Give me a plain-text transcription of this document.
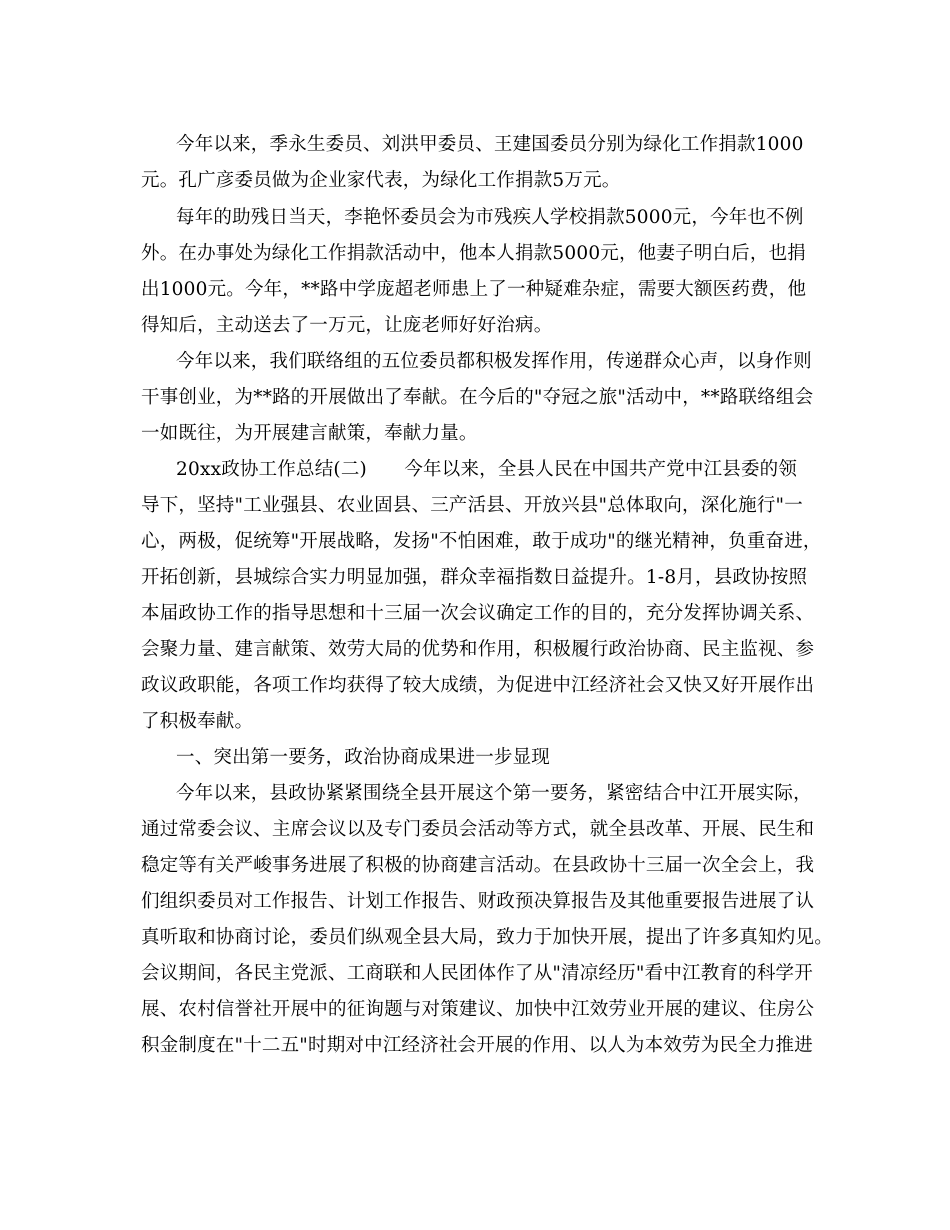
今年以来，季永生委员、刘洪甲委员、王建国委员分别为绿化工作捐款1000
元。孔广彦委员做为企业家代表，为绿化工作捐款5万元。
每年的助残日当天，李艳怀委员会为市残疾人学校捐款5000元，今年也不例
外。在办事处为绿化工作捐款活动中，他本人捐款5000元，他妻子明白后，也捐
出1000元。今年，**路中学庞超老师患上了一种疑难杂症，需要大额医药费，他
得知后，主动送去了一万元，让庞老师好好治病。
今年以来，我们联络组的五位委员都积极发挥作用，传递群众心声，以身作则
干事创业，为**路的开展做出了奉献。在今后的"夺冠之旅"活动中，**路联络组会
一如既往，为开展建言献策，奉献力量。
20xx政协工作总结(二)　　今年以来，全县人民在中国共产党中江县委的领
导下，坚持"工业强县、农业固县、三产活县、开放兴县"总体取向，深化施行"一
心，两极，促统筹"开展战略，发扬"不怕困难，敢于成功"的继光精神，负重奋进，
开拓创新，县城综合实力明显加强，群众幸福指数日益提升。1-8月，县政协按照
本届政协工作的指导思想和十三届一次会议确定工作的目的，充分发挥协调关系、
会聚力量、建言献策、效劳大局的优势和作用，积极履行政治协商、民主监视、参
政议政职能，各项工作均获得了较大成绩，为促进中江经济社会又快又好开展作出
了积极奉献。
一、突出第一要务，政治协商成果进一步显现
今年以来，县政协紧紧围绕全县开展这个第一要务，紧密结合中江开展实际，
通过常委会议、主席会议以及专门委员会活动等方式，就全县改革、开展、民生和
稳定等有关严峻事务进展了积极的协商建言活动。在县政协十三届一次全会上，我
们组织委员对工作报告、计划工作报告、财政预决算报告及其他重要报告进展了认
真听取和协商讨论，委员们纵观全县大局，致力于加快开展，提出了许多真知灼见。
会议期间，各民主党派、工商联和人民团体作了从"清凉经历"看中江教育的科学开
展、农村信誉社开展中的征询题与对策建议、加快中江效劳业开展的建议、住房公
积金制度在"十二五"时期对中江经济社会开展的作用、以人为本效劳为民全力推进
